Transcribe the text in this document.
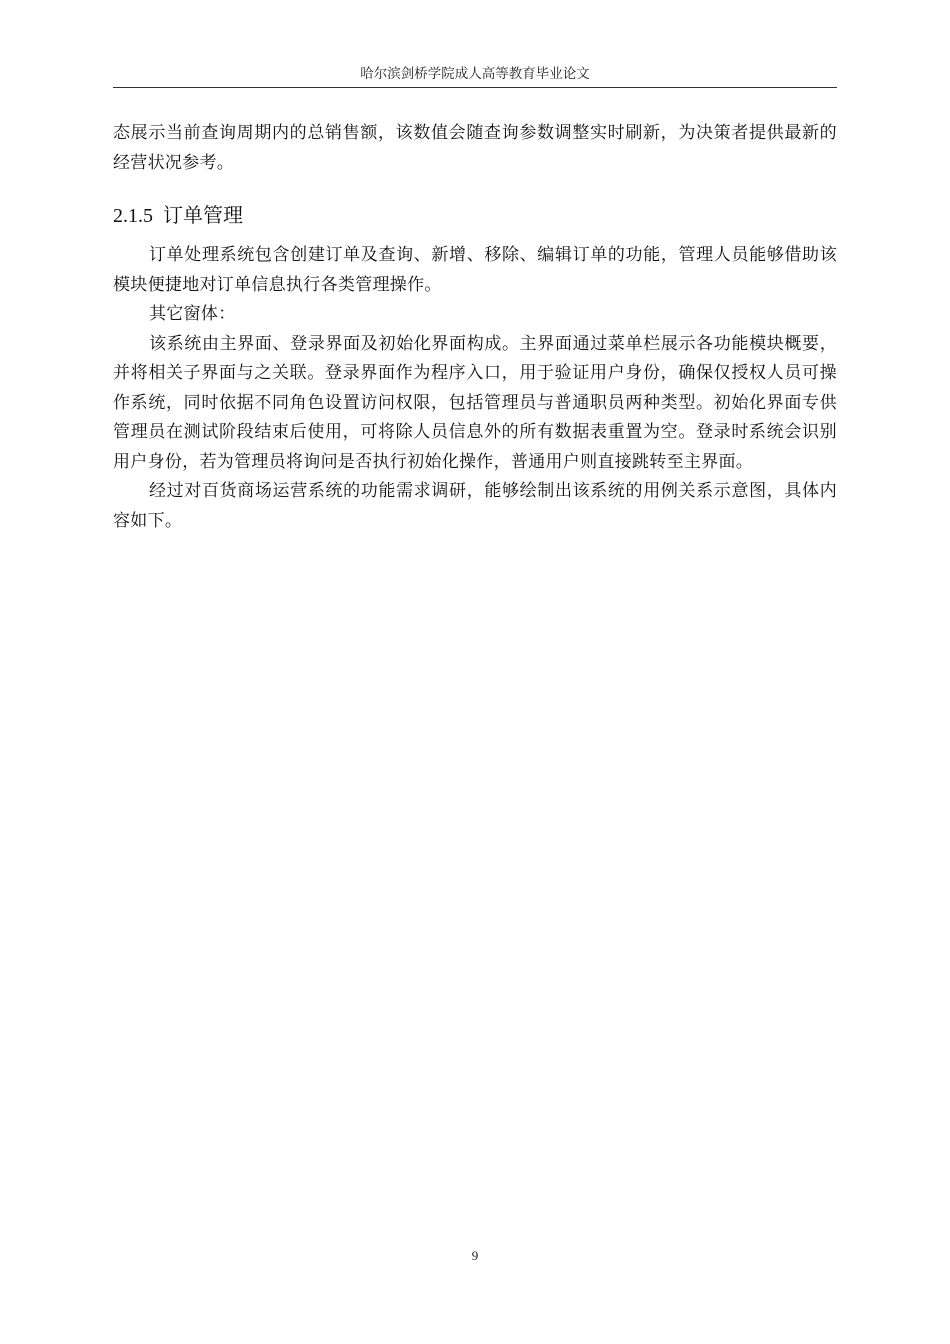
哈尔滨剑桥学院成人高等教育毕业论文

态展示当前查询周期内的总销售额，该数值会随查询参数调整实时刷新，为决策者提供最新的经营状况参考。

2.1.5 订单管理

订单处理系统包含创建订单及查询、新增、移除、编辑订单的功能，管理人员能够借助该模块便捷地对订单信息执行各类管理操作。

其它窗体：

该系统由主界面、登录界面及初始化界面构成。主界面通过菜单栏展示各功能模块概要，并将相关子界面与之关联。登录界面作为程序入口，用于验证用户身份，确保仅授权人员可操作系统，同时依据不同角色设置访问权限，包括管理员与普通职员两种类型。初始化界面专供管理员在测试阶段结束后使用，可将除人员信息外的所有数据表重置为空。登录时系统会识别用户身份，若为管理员将询问是否执行初始化操作，普通用户则直接跳转至主界面。

经过对百货商场运营系统的功能需求调研，能够绘制出该系统的用例关系示意图，具体内容如下。

9
